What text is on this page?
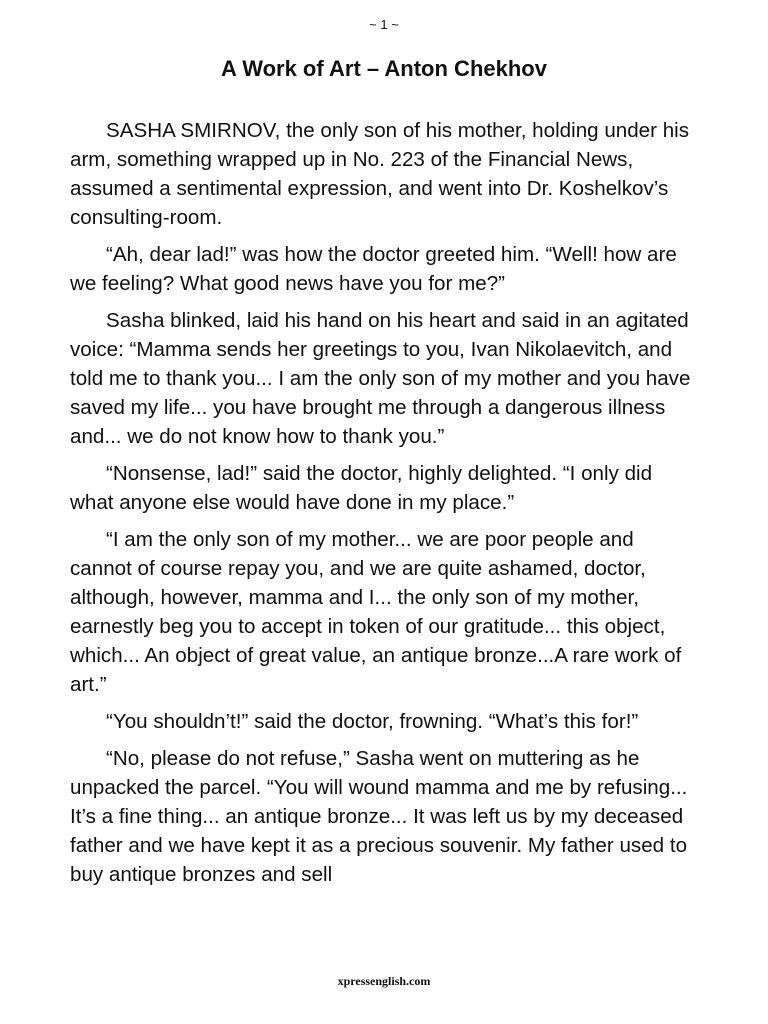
~ 1 ~
A Work of Art – Anton Chekhov

SASHA SMIRNOV, the only son of his mother, holding under his arm, something wrapped up in No. 223 of the Financial News, assumed a sentimental expression, and went into Dr. Koshelkov’s consulting-room.

“Ah, dear lad!” was how the doctor greeted him. “Well! how are we feeling? What good news have you for me?”

Sasha blinked, laid his hand on his heart and said in an agitated voice: “Mamma sends her greetings to you, Ivan Nikolaevitch, and told me to thank you... I am the only son of my mother and you have saved my life... you have brought me through a dangerous illness and... we do not know how to thank you.”

“Nonsense, lad!” said the doctor, highly delighted. “I only did what anyone else would have done in my place.”

“I am the only son of my mother... we are poor people and cannot of course repay you, and we are quite ashamed, doctor, although, however, mamma and I... the only son of my mother, earnestly beg you to accept in token of our gratitude... this object, which... An object of great value, an antique bronze...A rare work of art.”

“You shouldn’t!” said the doctor, frowning. “What’s this for!”

“No, please do not refuse,” Sasha went on muttering as he unpacked the parcel. “You will wound mamma and me by refusing... It’s a fine thing... an antique bronze... It was left us by my deceased father and we have kept it as a precious souvenir. My father used to buy antique bronzes and sell

xpressenglish.com
